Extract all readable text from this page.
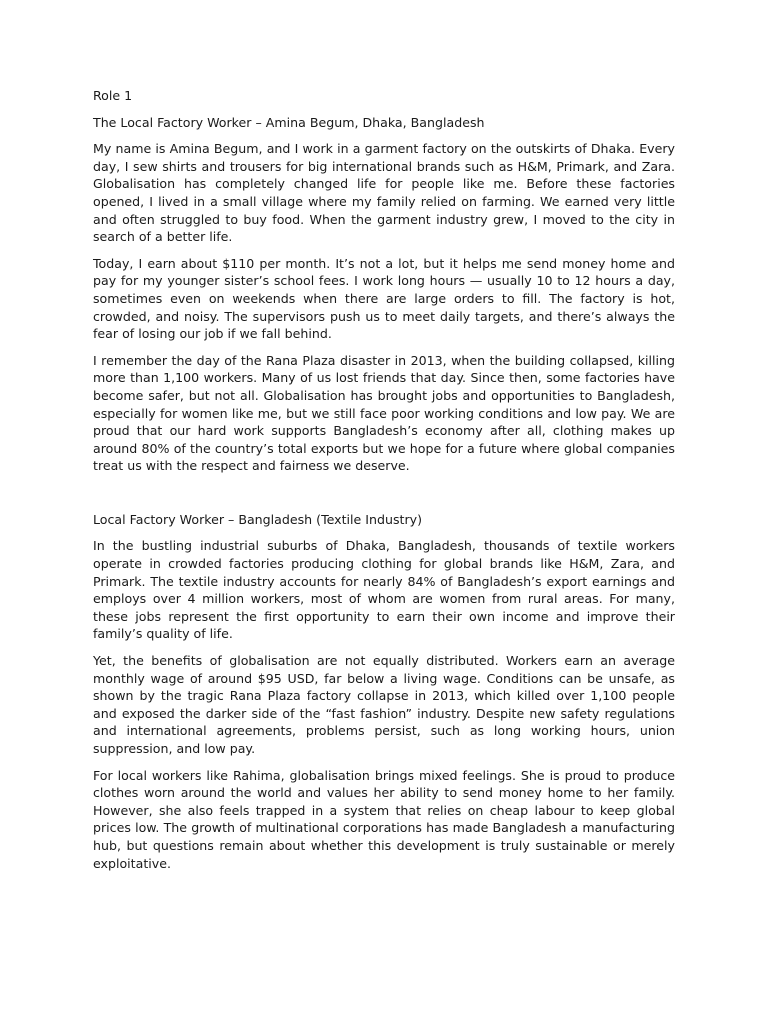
Role 1
The Local Factory Worker – Amina Begum, Dhaka, Bangladesh

My name is Amina Begum, and I work in a garment factory on the outskirts of Dhaka. Every day, I sew shirts and trousers for big international brands such as H&M, Primark, and Zara. Globalisation has completely changed life for people like me. Before these factories opened, I lived in a small village where my family relied on farming. We earned very little and often struggled to buy food. When the garment industry grew, I moved to the city in search of a better life.

Today, I earn about $110 per month. It’s not a lot, but it helps me send money home and pay for my younger sister’s school fees. I work long hours — usually 10 to 12 hours a day, sometimes even on weekends when there are large orders to fill. The factory is hot, crowded, and noisy. The supervisors push us to meet daily targets, and there’s always the fear of losing our job if we fall behind.

I remember the day of the Rana Plaza disaster in 2013, when the building collapsed, killing more than 1,100 workers. Many of us lost friends that day. Since then, some factories have become safer, but not all. Globalisation has brought jobs and opportunities to Bangladesh, especially for women like me, but we still face poor working conditions and low pay. We are proud that our hard work supports Bangladesh’s economy after all, clothing makes up around 80% of the country’s total exports but we hope for a future where global companies treat us with the respect and fairness we deserve.

Local Factory Worker – Bangladesh (Textile Industry)

In the bustling industrial suburbs of Dhaka, Bangladesh, thousands of textile workers operate in crowded factories producing clothing for global brands like H&M, Zara, and Primark. The textile industry accounts for nearly 84% of Bangladesh’s export earnings and employs over 4 million workers, most of whom are women from rural areas. For many, these jobs represent the first opportunity to earn their own income and improve their family’s quality of life.

Yet, the benefits of globalisation are not equally distributed. Workers earn an average monthly wage of around $95 USD, far below a living wage. Conditions can be unsafe, as shown by the tragic Rana Plaza factory collapse in 2013, which killed over 1,100 people and exposed the darker side of the “fast fashion” industry. Despite new safety regulations and international agreements, problems persist, such as long working hours, union suppression, and low pay.

For local workers like Rahima, globalisation brings mixed feelings. She is proud to produce clothes worn around the world and values her ability to send money home to her family. However, she also feels trapped in a system that relies on cheap labour to keep global prices low. The growth of multinational corporations has made Bangladesh a manufacturing hub, but questions remain about whether this development is truly sustainable or merely exploitative.
